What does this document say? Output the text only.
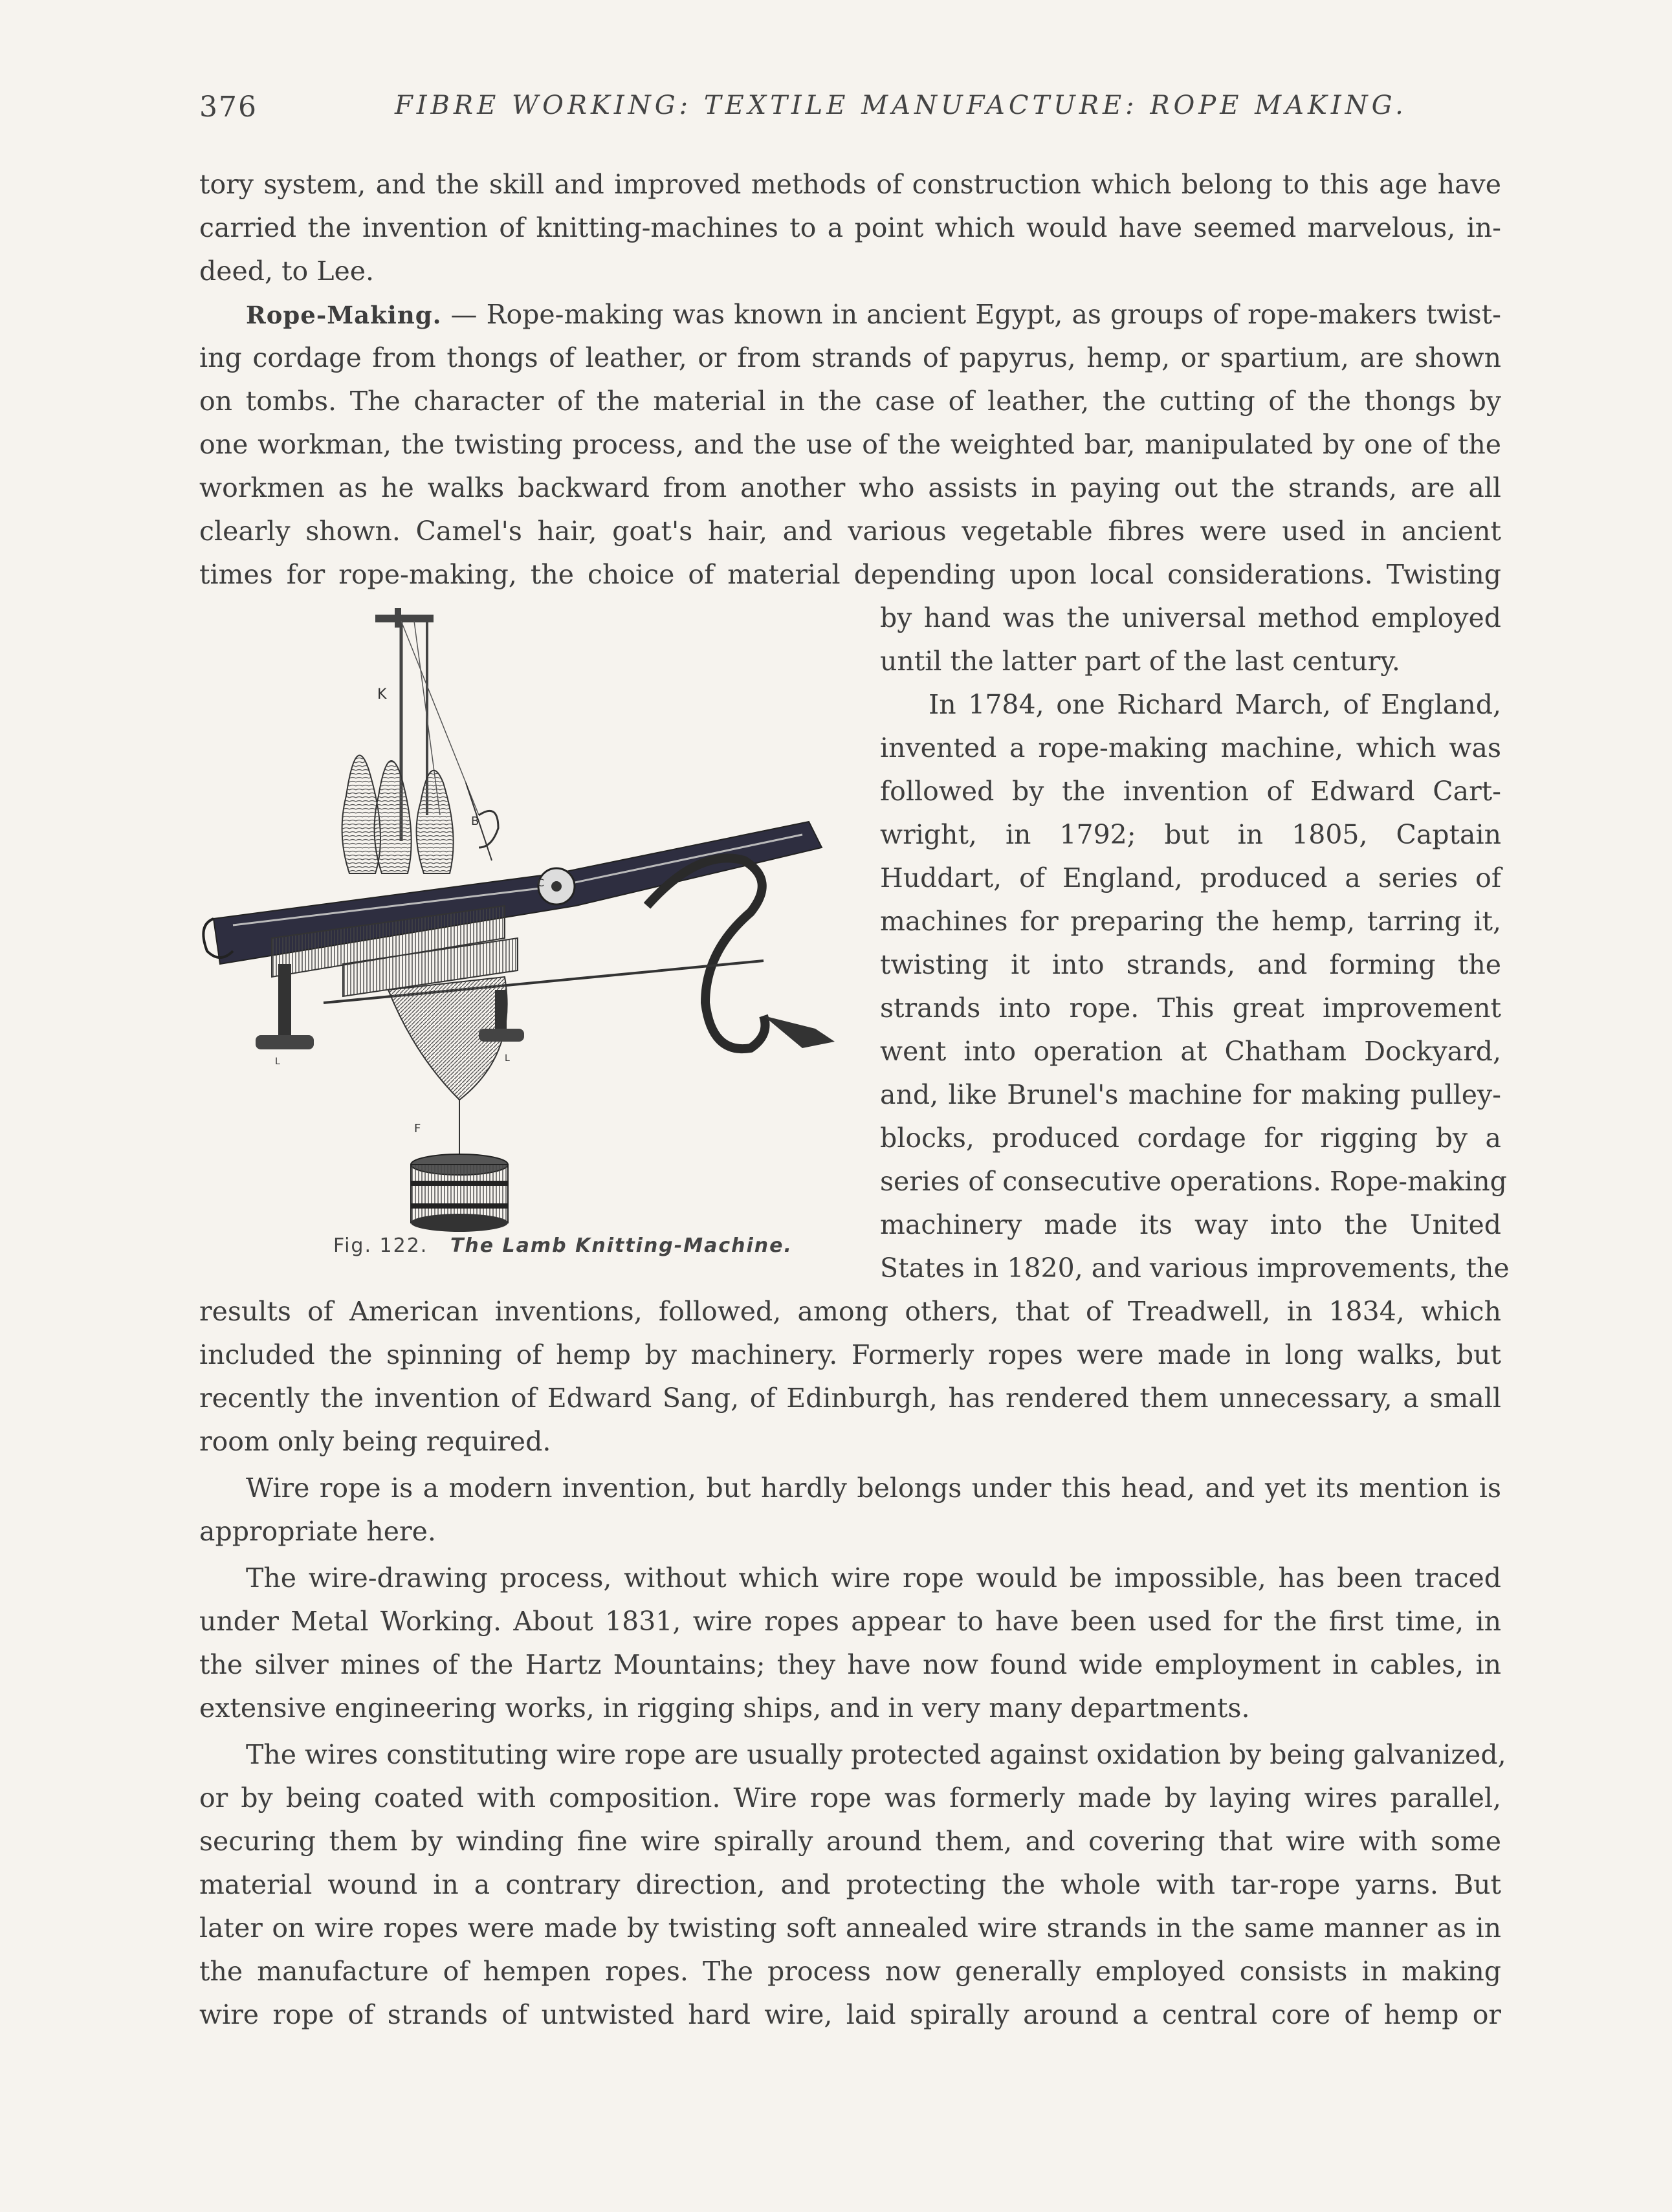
376	FIBRE WORKING: TEXTILE MANUFACTURE: ROPE MAKING.
tory system, and the skill and improved methods of construction which belong to this age have
carried the invention of knitting-machines to a point which would have seemed marvelous, in-
deed, to Lee.
Rope-Making. — Rope-making was known in ancient Egypt, as groups of rope-makers twist-
ing cordage from thongs of leather, or from strands of papyrus, hemp, or spartium, are shown
on tombs. The character of the material in the case of leather, the cutting of the thongs by
one workman, the twisting process, and the use of the weighted bar, manipulated by one of the
workmen as he walks backward from another who assists in paying out the strands, are all
clearly shown. Camel's hair, goat's hair, and various vegetable fibres were used in ancient
times for rope-making, the choice of material depending upon local considerations. Twisting
by hand was the universal method employed
until the latter part of the last century.
In 1784, one Richard March, of England,
invented a rope-making machine, which was
followed by the invention of Edward Cart-
wright, in 1792; but in 1805, Captain
Huddart, of England, produced a series of
machines for preparing the hemp, tarring it,
twisting it into strands, and forming the
strands into rope. This great improvement
went into operation at Chatham Dockyard,
and, like Brunel's machine for making pulley-
blocks, produced cordage for rigging by a
series of consecutive operations. Rope-making
machinery made its way into the United
States in 1820, and various improvements, the
K
B
C
F
L	L
Fig. 122. The Lamb Knitting-Machine.
results of American inventions, followed, among others, that of Treadwell, in 1834, which
included the spinning of hemp by machinery. Formerly ropes were made in long walks, but
recently the invention of Edward Sang, of Edinburgh, has rendered them unnecessary, a small
room only being required.
Wire rope is a modern invention, but hardly belongs under this head, and yet its mention is
appropriate here.
The wire-drawing process, without which wire rope would be impossible, has been traced
under Metal Working. About 1831, wire ropes appear to have been used for the first time, in
the silver mines of the Hartz Mountains; they have now found wide employment in cables, in
extensive engineering works, in rigging ships, and in very many departments.
The wires constituting wire rope are usually protected against oxidation by being galvanized,
or by being coated with composition. Wire rope was formerly made by laying wires parallel,
securing them by winding fine wire spirally around them, and covering that wire with some
material wound in a contrary direction, and protecting the whole with tar-rope yarns. But
later on wire ropes were made by twisting soft annealed wire strands in the same manner as in
the manufacture of hempen ropes. The process now generally employed consists in making
wire rope of strands of untwisted hard wire, laid spirally around a central core of hemp or
